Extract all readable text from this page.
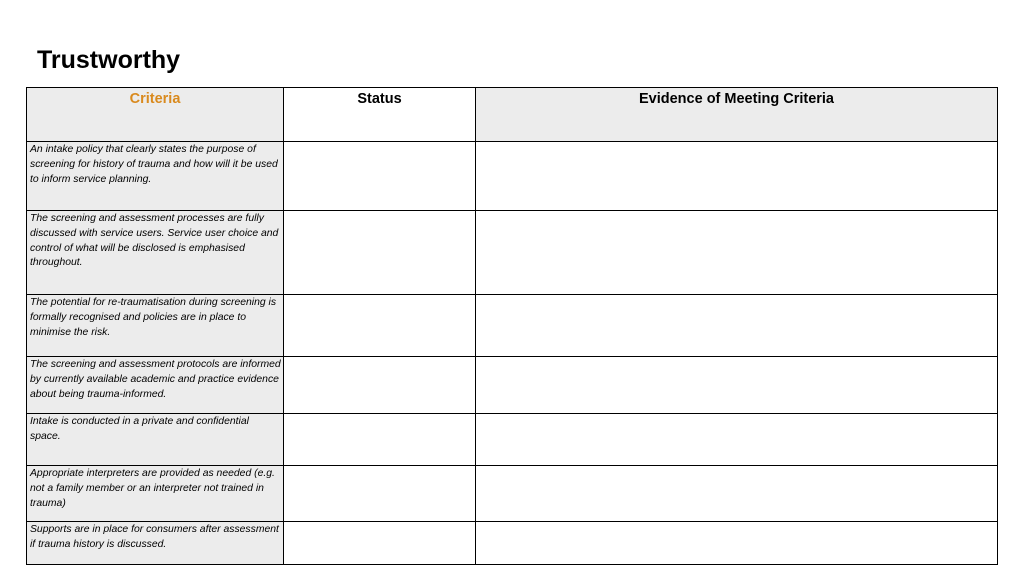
Trustworthy
Criteria	Status	Evidence of Meeting Criteria
An intake policy that clearly states the purpose of screening for history of trauma and how will it be used to inform service planning.		
The screening and assessment processes are fully discussed with service users. Service user choice and control of what will be disclosed is emphasised throughout.		
The potential for re-traumatisation during screening is formally recognised and policies are in place to minimise the risk.		
The screening and assessment protocols are informed by currently available academic and practice evidence about being trauma-informed.		
Intake is conducted in a private and confidential space.		
Appropriate interpreters are provided as needed (e.g. not a family member or an interpreter not trained in trauma)		
Supports are in place for consumers after assessment if trauma history is discussed.		
